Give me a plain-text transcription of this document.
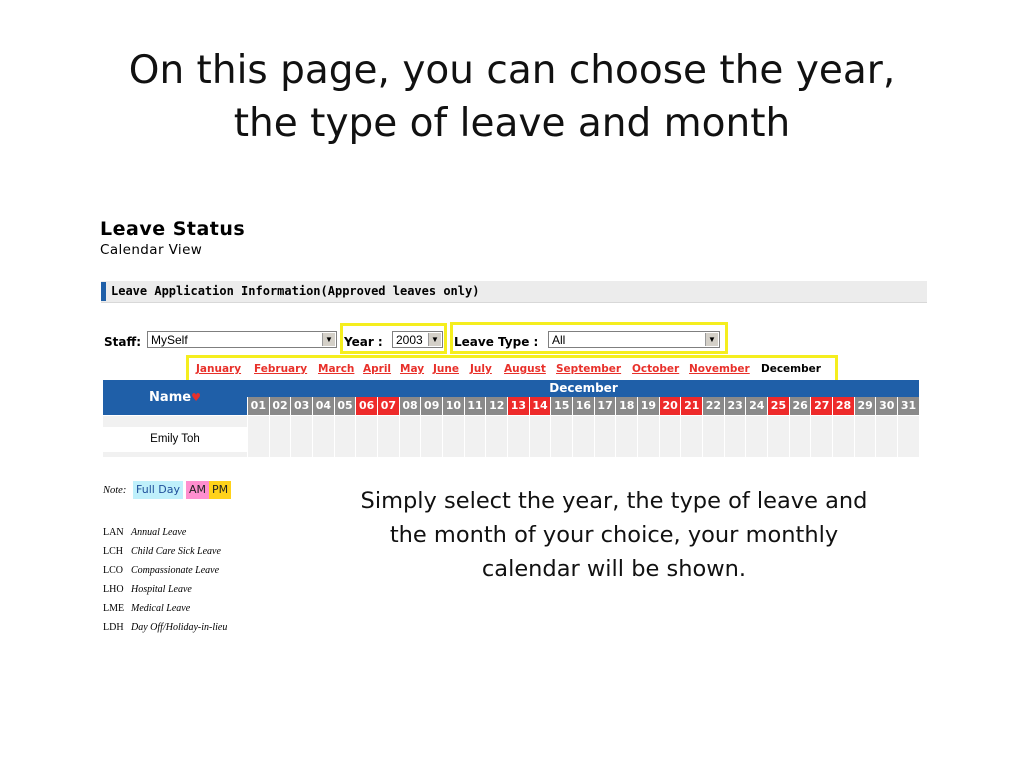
On this page, you can choose the year,
the type of leave and month
Leave Status
Calendar View
Leave Application Information(Approved leaves only)
Staff: MySelf	▼ Year : 2003	▼ Leave Type : All	▼
January February March April May June July August September October November December
Name♥
December
01 02 03 04 05 06 07 08 09 10 11 12 13 14 15 16 17 18 19 20 21 22 23 24 25 26 27 28 29 30 31
Emily Toh
Note: Full Day AM PM
LAN Annual Leave
LCH Child Care Sick Leave
LCO Compassionate Leave
LHO Hospital Leave
LME Medical Leave
LDH Day Off/Holiday-in-lieu
Simply select the year, the type of leave and
the month of your choice, your monthly
calendar will be shown.
